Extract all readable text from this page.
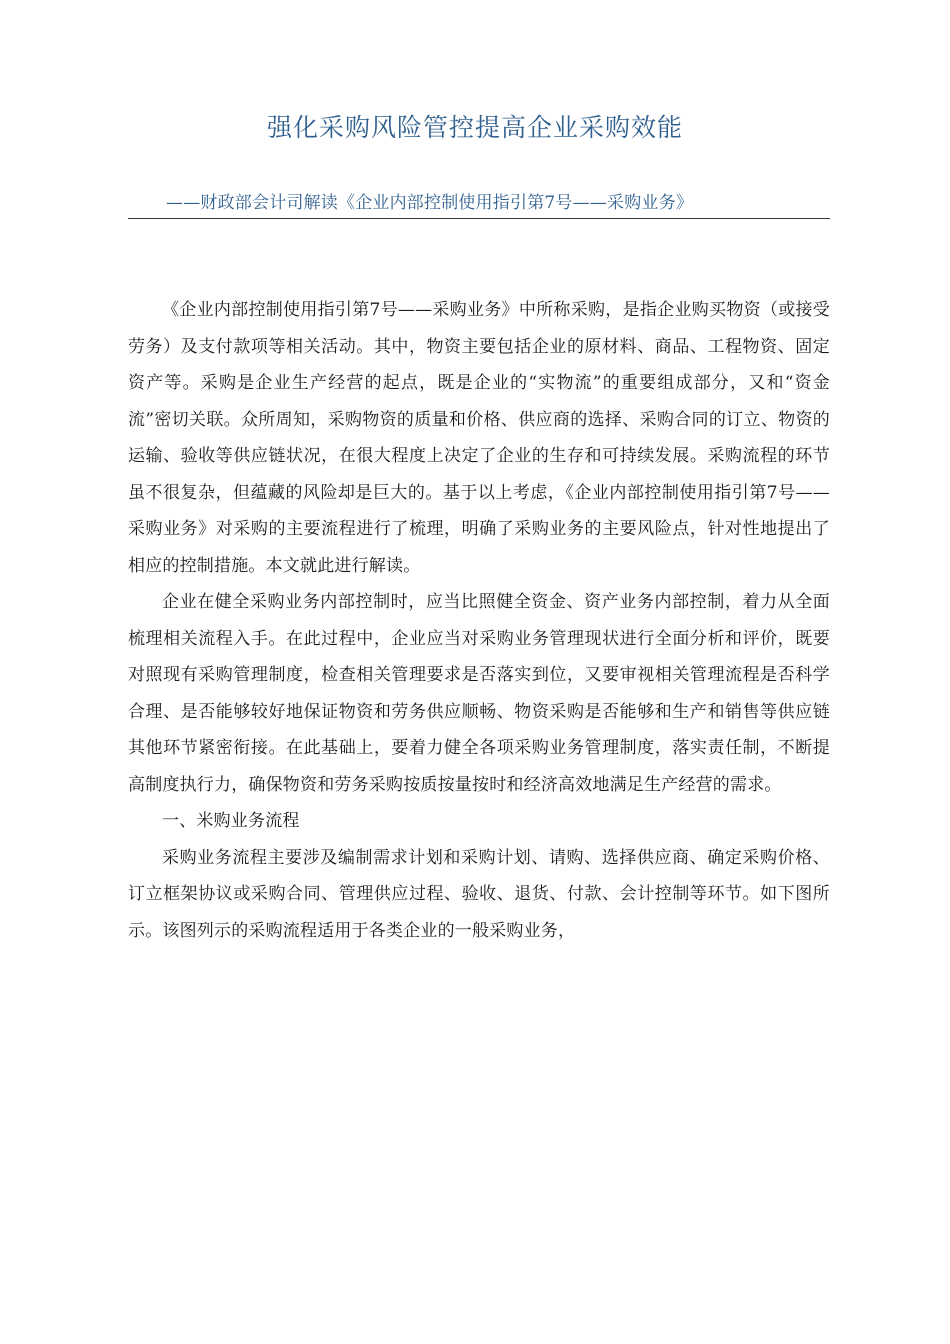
强化采购风险管控提高企业采购效能
——财政部会计司解读《企业内部控制使用指引第7号——采购业务》

《企业内部控制使用指引第7号——采购业务》中所称采购，是指企业购买物资（或接受劳务）及支付款项等相关活动。其中，物资主要包括企业的原材料、商品、工程物资、固定资产等。采购是企业生产经营的起点，既是企业的“实物流”的重要组成部分，又和“资金流”密切关联。众所周知，采购物资的质量和价格、供应商的选择、采购合同的订立、物资的运输、验收等供应链状况，在很大程度上决定了企业的生存和可持续发展。采购流程的环节虽不很复杂，但蕴藏的风险却是巨大的。基于以上考虑，《企业内部控制使用指引第7号——采购业务》对采购的主要流程进行了梳理，明确了采购业务的主要风险点，针对性地提出了相应的控制措施。本文就此进行解读。

企业在健全采购业务内部控制时，应当比照健全资金、资产业务内部控制，着力从全面梳理相关流程入手。在此过程中，企业应当对采购业务管理现状进行全面分析和评价，既要对照现有采购管理制度，检查相关管理要求是否落实到位，又要审视相关管理流程是否科学合理、是否能够较好地保证物资和劳务供应顺畅、物资采购是否能够和生产和销售等供应链其他环节紧密衔接。在此基础上，要着力健全各项采购业务管理制度，落实责任制，不断提高制度执行力，确保物资和劳务采购按质按量按时和经济高效地满足生产经营的需求。

一、米购业务流程

采购业务流程主要涉及编制需求计划和采购计划、请购、选择供应商、确定采购价格、订立框架协议或采购合同、管理供应过程、验收、退货、付款、会计控制等环节。如下图所示。该图列示的采购流程适用于各类企业的一般采购业务，
